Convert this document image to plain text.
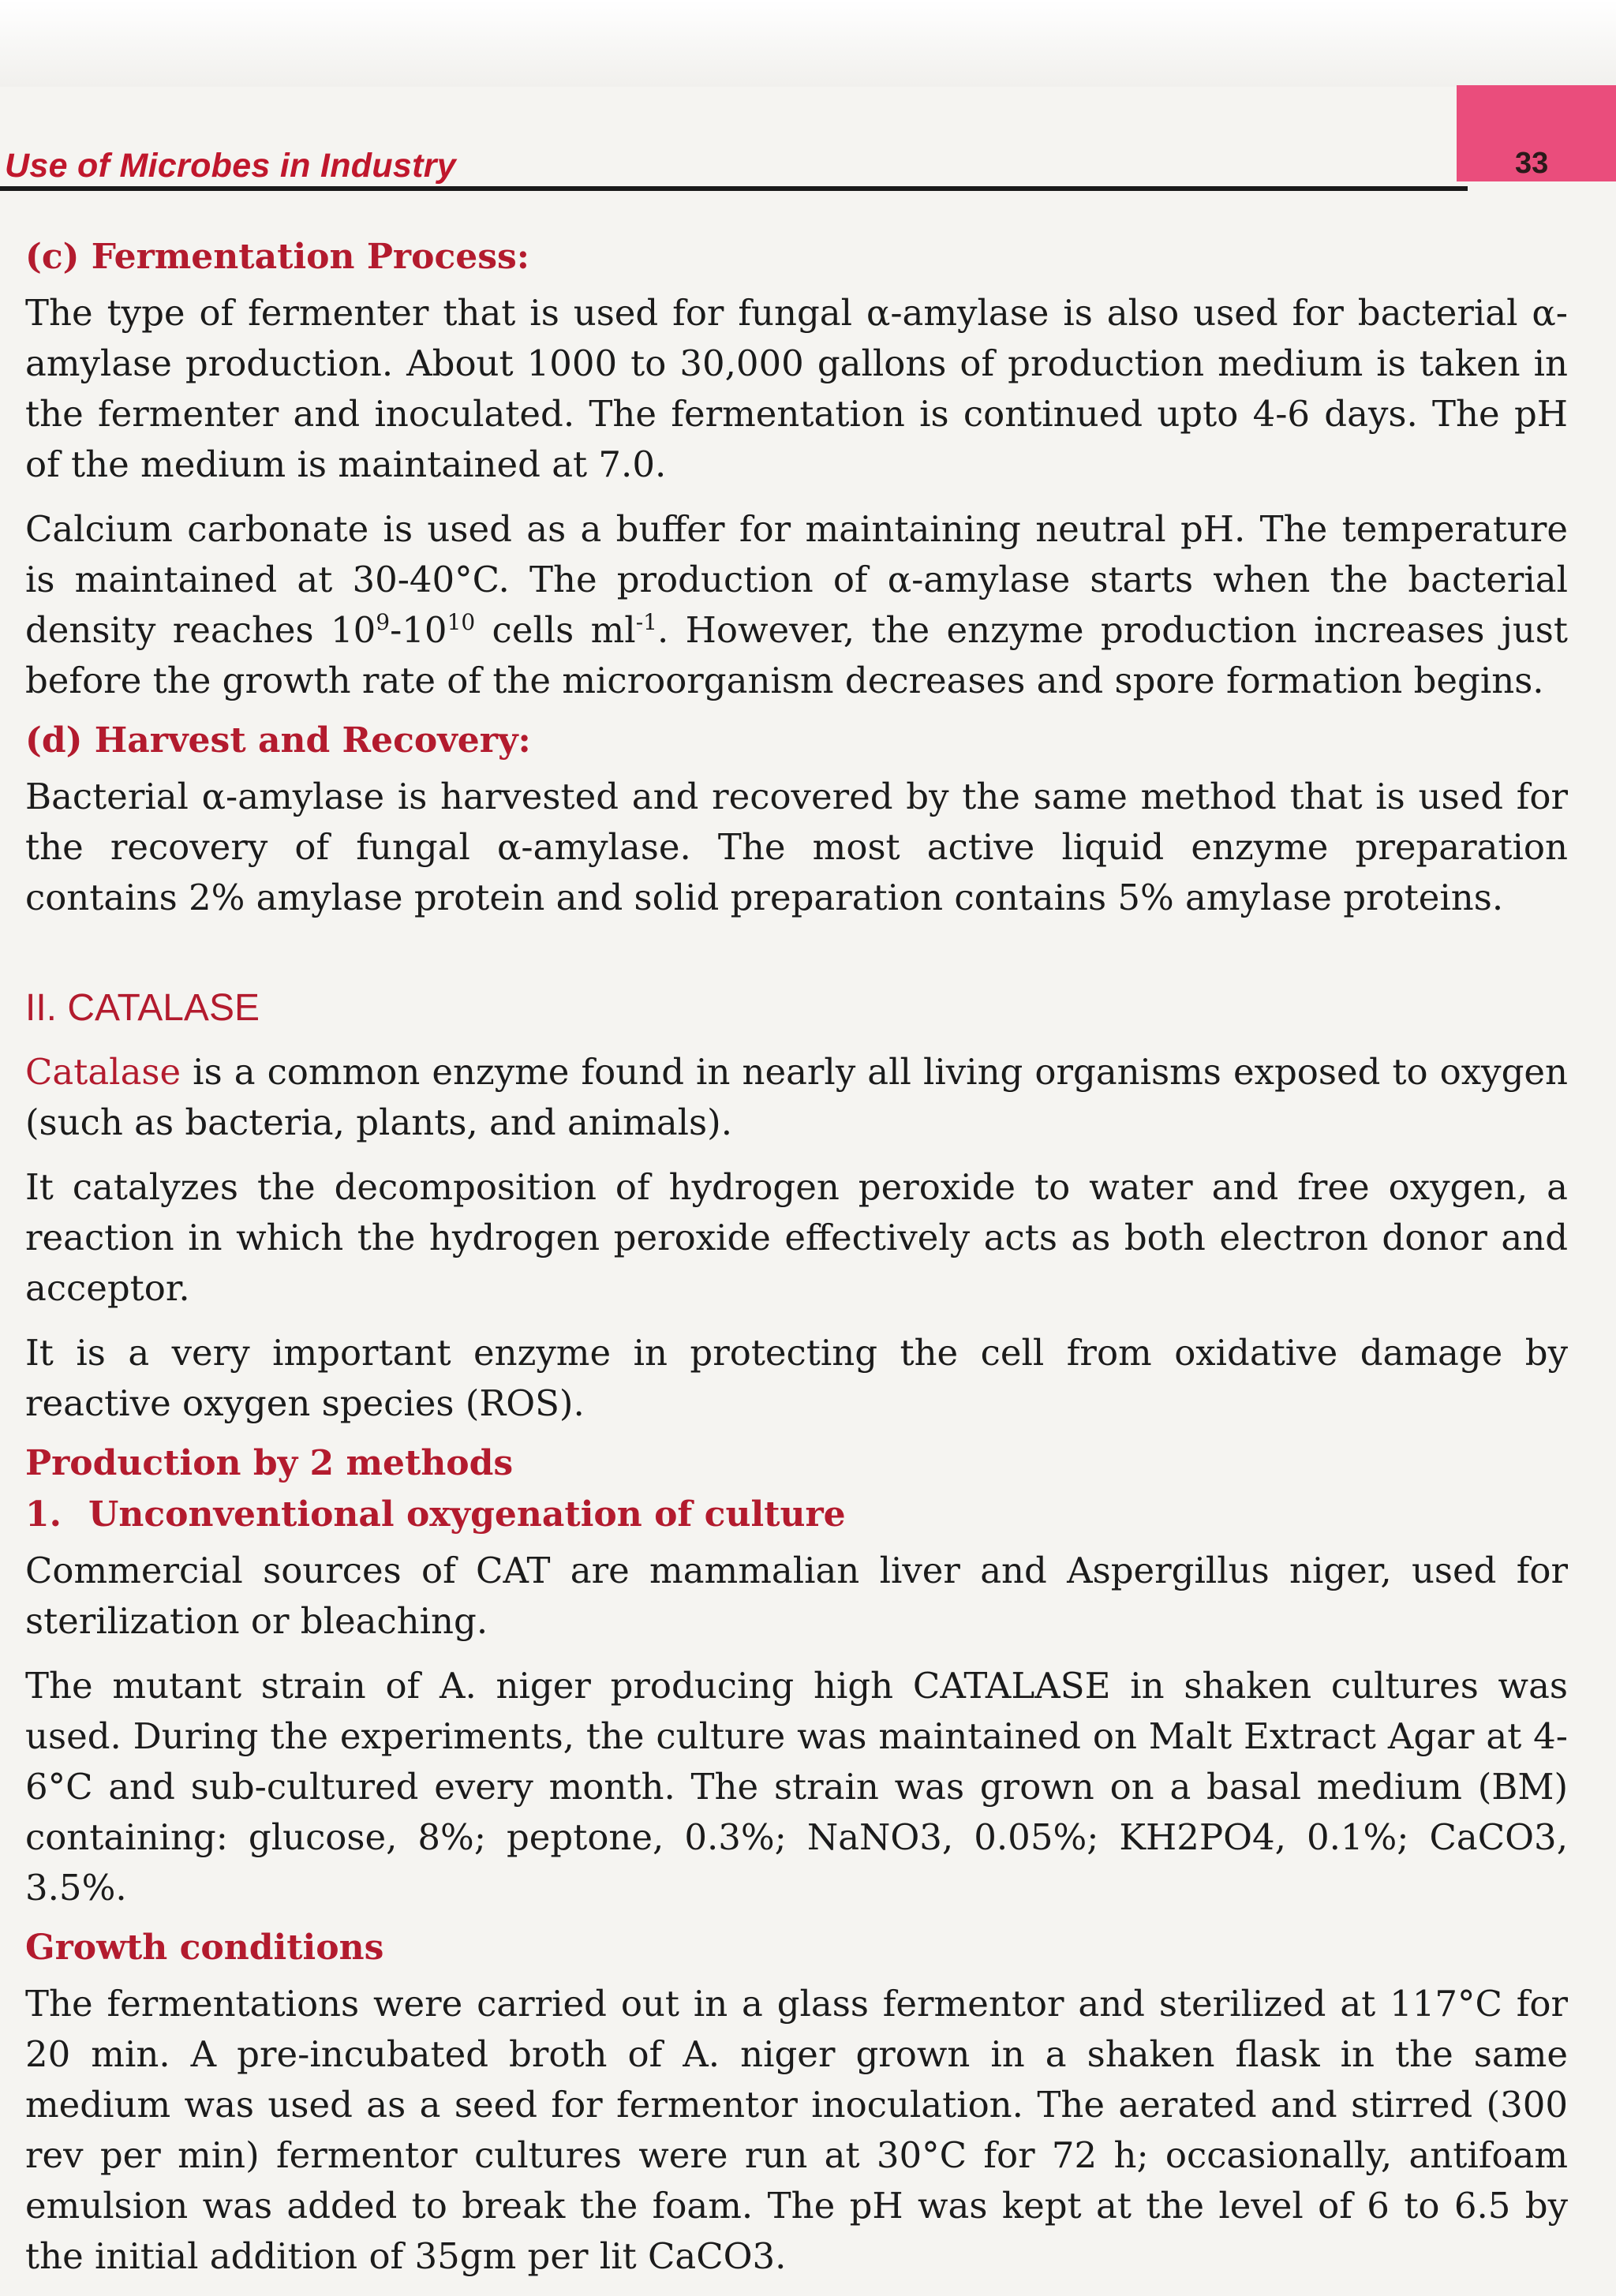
Use of Microbes in Industry	33
(c) Fermentation Process:

The type of fermenter that is used for fungal α-amylase is also used for bacterial α-amylase production. About 1000 to 30,000 gallons of production medium is taken in the fermenter and inoculated. The fermentation is continued upto 4-6 days. The pH of the medium is maintained at 7.0.

Calcium carbonate is used as a buffer for maintaining neutral pH. The temperature is maintained at 30-40°C. The production of α-amylase starts when the bacterial density reaches $10^9-10^{10}$ cells $ml^{-1}$. However, the enzyme production increases just before the growth rate of the microorganism decreases and spore formation begins.

(d) Harvest and Recovery:

Bacterial α-amylase is harvested and recovered by the same method that is used for the recovery of fungal α-amylase. The most active liquid enzyme preparation contains 2% amylase protein and solid preparation contains 5% amylase proteins.

II. CATALASE

Catalase is a common enzyme found in nearly all living organisms exposed to oxygen (such as bacteria, plants, and animals).

It catalyzes the decomposition of hydrogen peroxide to water and free oxygen, a reaction in which the hydrogen peroxide effectively acts as both electron donor and acceptor.

It is a very important enzyme in protecting the cell from oxidative damage by reactive oxygen species (ROS).

Production by 2 methods
1. Unconventional oxygenation of culture

Commercial sources of CAT are mammalian liver and Aspergillus niger, used for sterilization or bleaching.

The mutant strain of A. niger producing high CATALASE in shaken cultures was used. During the experiments, the culture was maintained on Malt Extract Agar at 4-6°C and sub-cultured every month. The strain was grown on a basal medium (BM) containing: glucose, 8%; peptone, 0.3%; NaNO3, 0.05%; KH2PO4, 0.1%; CaCO3, 3.5%.

Growth conditions

The fermentations were carried out in a glass fermentor and sterilized at 117°C for 20 min. A pre-incubated broth of A. niger grown in a shaken flask in the same medium was used as a seed for fermentor inoculation. The aerated and stirred (300 rev per min) fermentor cultures were run at 30°C for 72 h; occasionally, antifoam emulsion was added to break the foam. The pH was kept at the level of 6 to 6.5 by the initial addition of 35gm per lit CaCO3.
